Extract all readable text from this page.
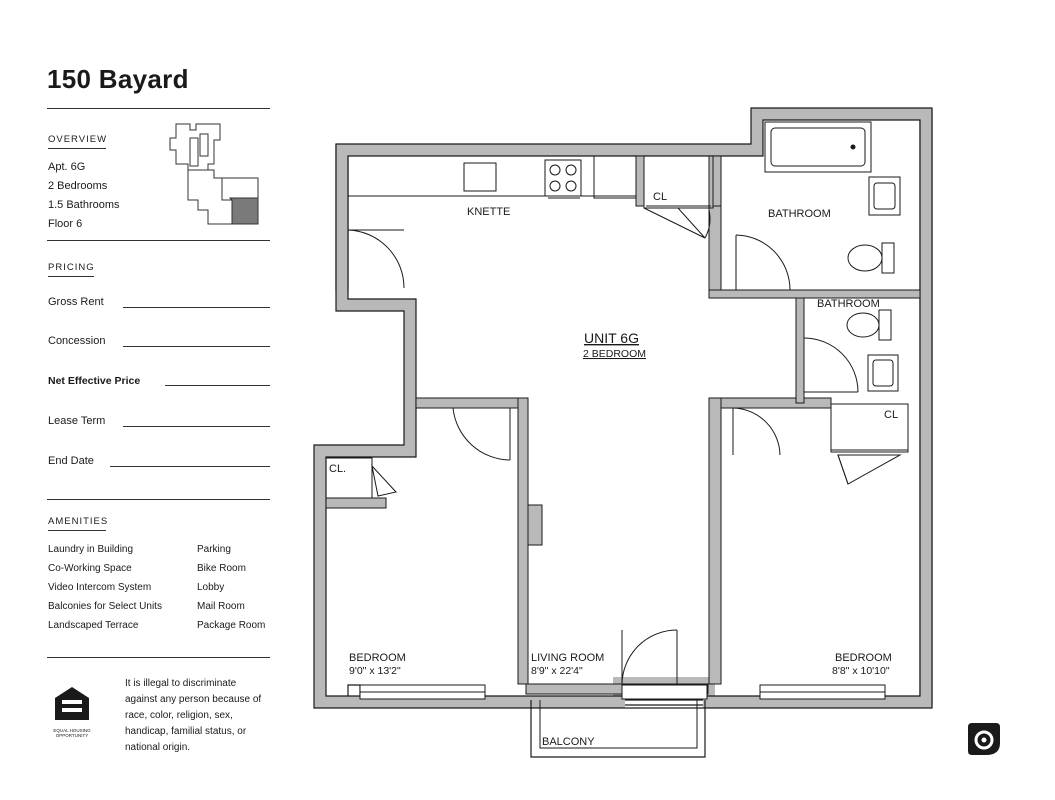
150 Bayard
OVERVIEW
Apt. 6G
2 Bedrooms
1.5 Bathrooms
Floor 6
PRICING
Gross Rent
Concession
Net Effective Price
Lease Term
End Date
AMENITIES
Laundry in Building
Co-Working Space
Video Intercom System
Balconies for Select Units
Landscaped Terrace
Parking
Bike Room
Lobby
Mail Room
Package Room
EQUAL HOUSING OPPORTUNITY
It is illegal to discriminate against any person because of race, color, religion, sex, handicap, familial status, or national origin.
KNETTE
CL
BATHROOM
BATHROOM
CL
CL.
UNIT 6G
2 BEDROOM
BEDROOM
9'0" x 13'2"
LIVING ROOM
8'9" x 22'4"
BEDROOM
8'8" x 10'10"
BALCONY
